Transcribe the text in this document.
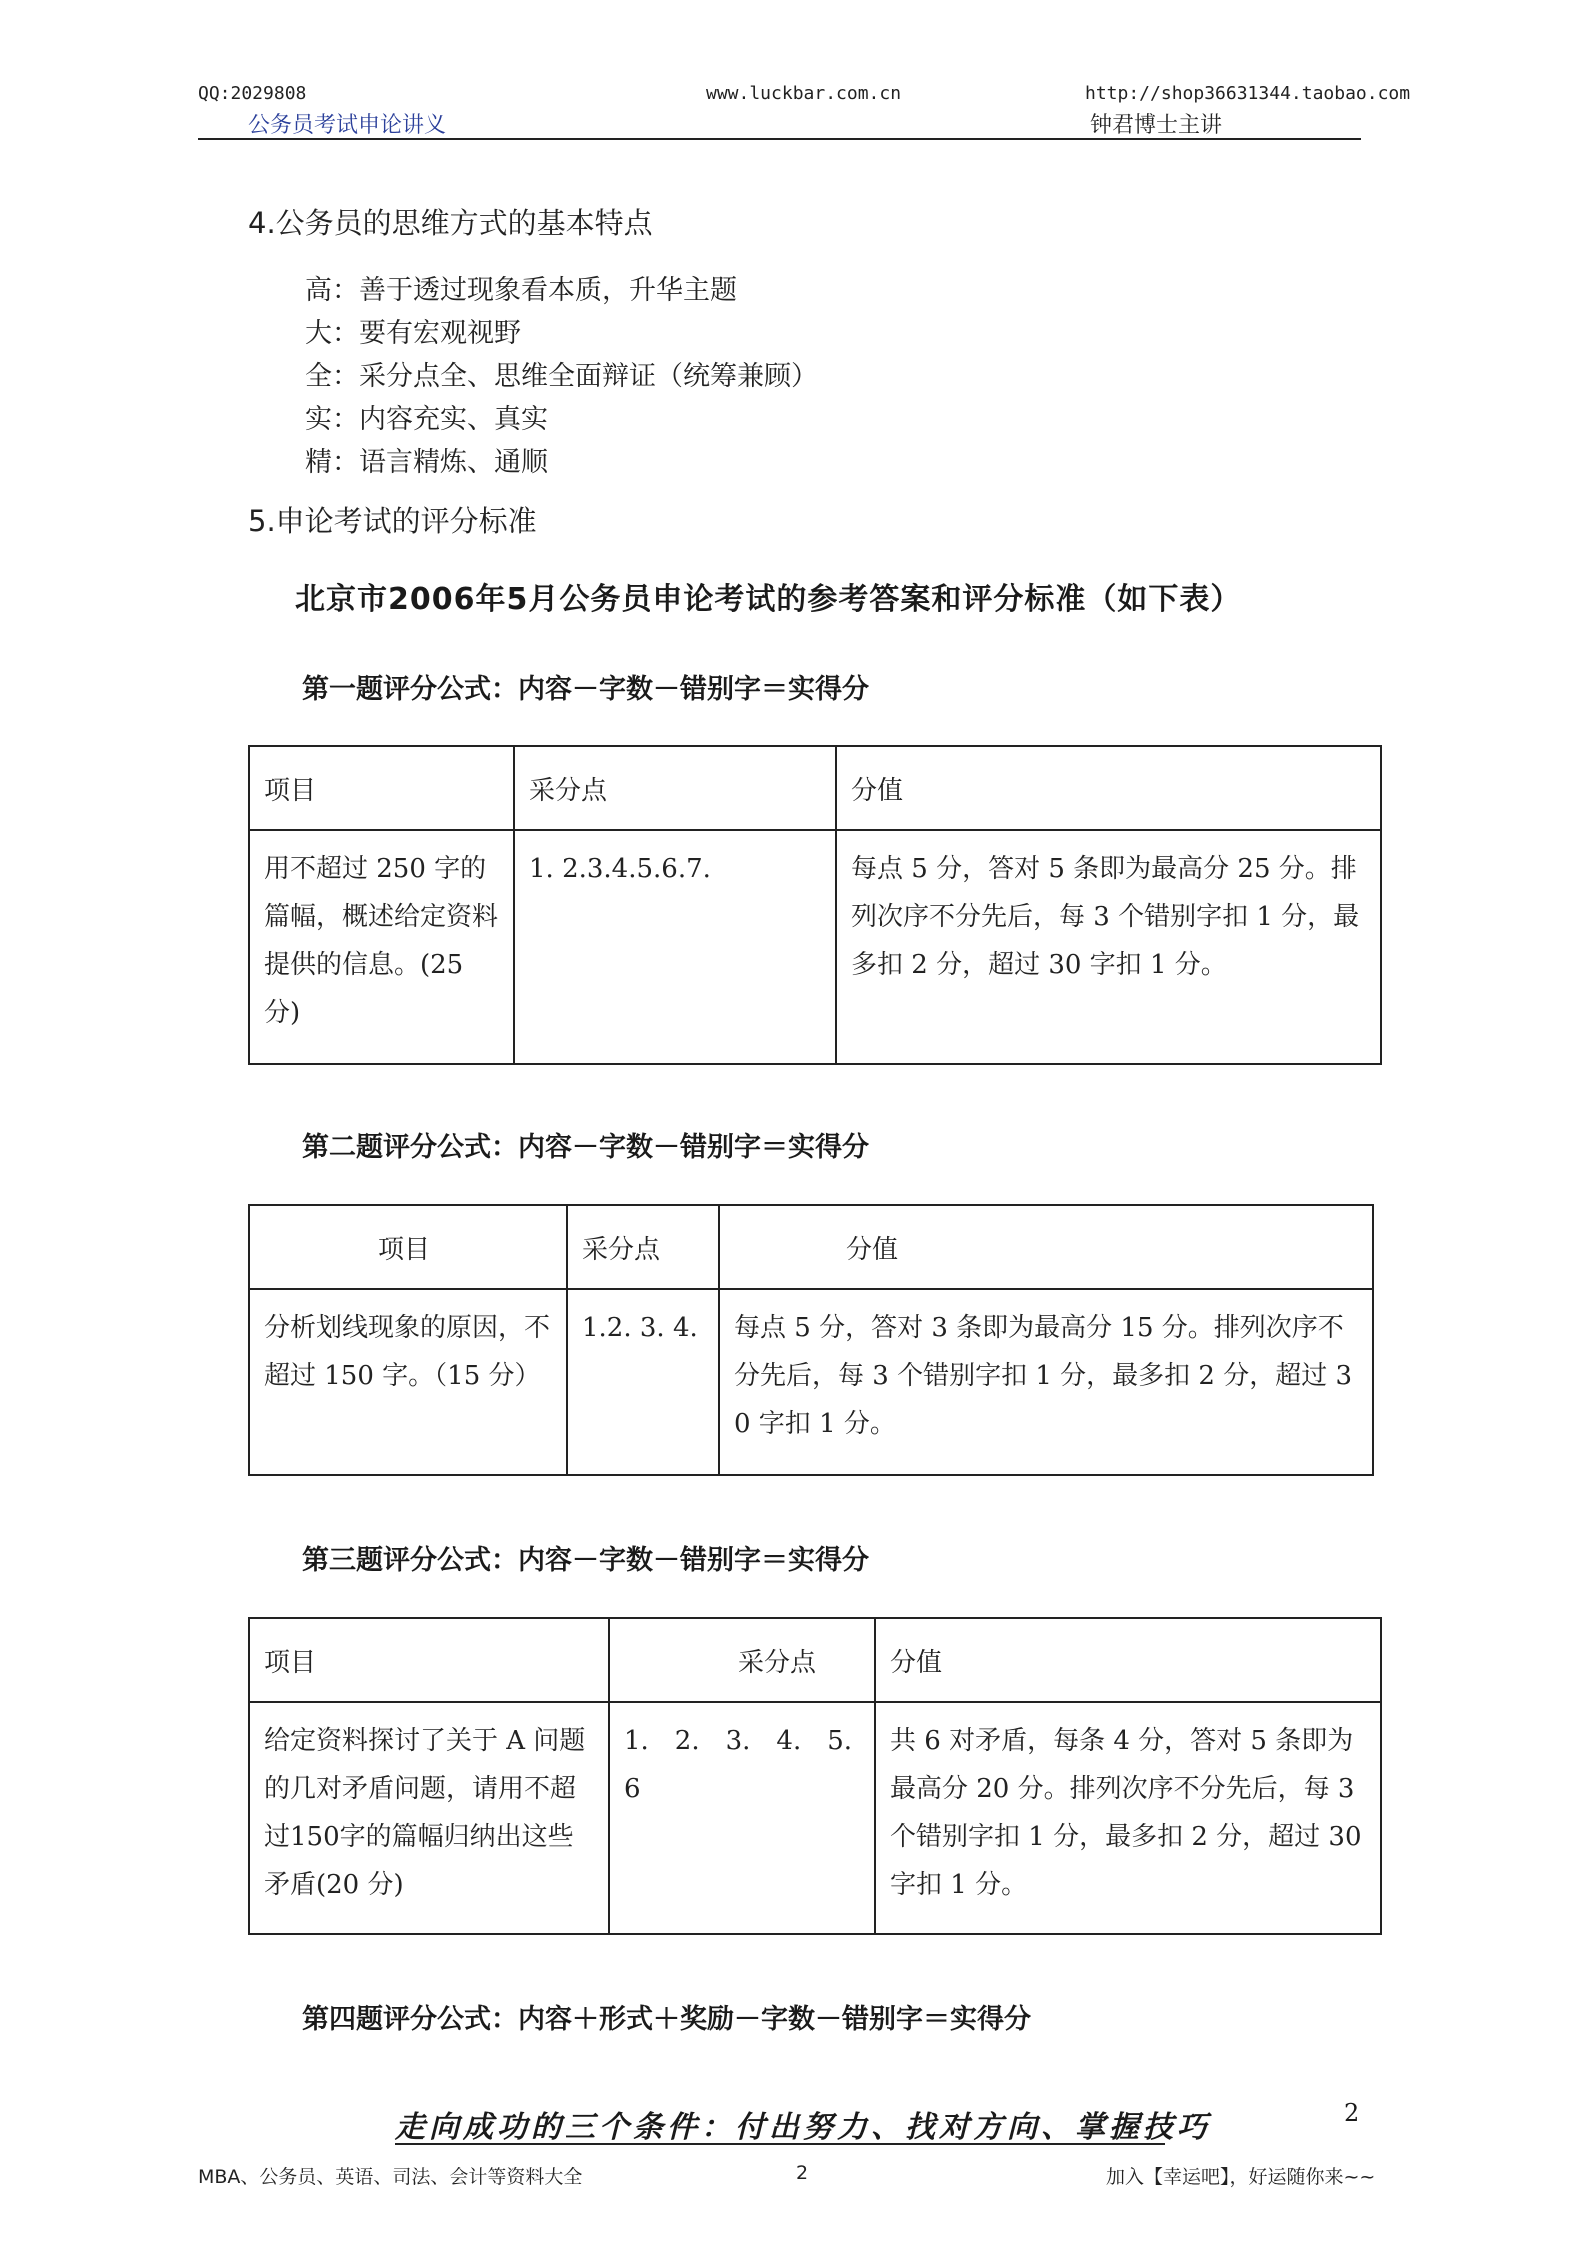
QQ:2029808	www.luckbar.com.cn	http://shop36631344.taobao.com
公务员考试申论讲义	钟君博士主讲
4.公务员的思维方式的基本特点
高：善于透过现象看本质，升华主题
大：要有宏观视野
全：采分点全、思维全面辩证（统筹兼顾）
实：内容充实、真实
精：语言精炼、通顺
5.申论考试的评分标准
北京市2006年5月公务员申论考试的参考答案和评分标准（如下表）
第一题评分公式：内容－字数－错别字＝实得分
项目	采分点	分值
用不超过 250 字的篇幅，概述给定资料提供的信息。(25 分)	1. 2.3.4.5.6.7.	每点 5 分，答对 5 条即为最高分 25 分。排列次序不分先后，每 3 个错别字扣 1 分，最多扣 2 分，超过 30 字扣 1 分。
第二题评分公式：内容－字数－错别字＝实得分
项目	采分点	分值
分析划线现象的原因，不超过 150 字。（15 分）	1.2. 3. 4.	每点 5 分，答对 3 条即为最高分 15 分。排列次序不分先后，每 3 个错别字扣 1 分，最多扣 2 分，超过 30 字扣 1 分。
第三题评分公式：内容－字数－错别字＝实得分
项目	采分点	分值
给定资料探讨了关于 A 问题的几对矛盾问题，请用不超过150字的篇幅归纳出这些矛盾(20 分)	1.　2.　3.　4.　5. 6	共 6 对矛盾，每条 4 分，答对 5 条即为最高分 20 分。排列次序不分先后，每 3 个错别字扣 1 分，最多扣 2 分，超过 30 字扣 1 分。
第四题评分公式：内容＋形式＋奖励－字数－错别字＝实得分
走向成功的三个条件：付出努力、找对方向、掌握技巧	2
MBA、公务员、英语、司法、会计等资料大全	2	加入【幸运吧】，好运随你来~~
